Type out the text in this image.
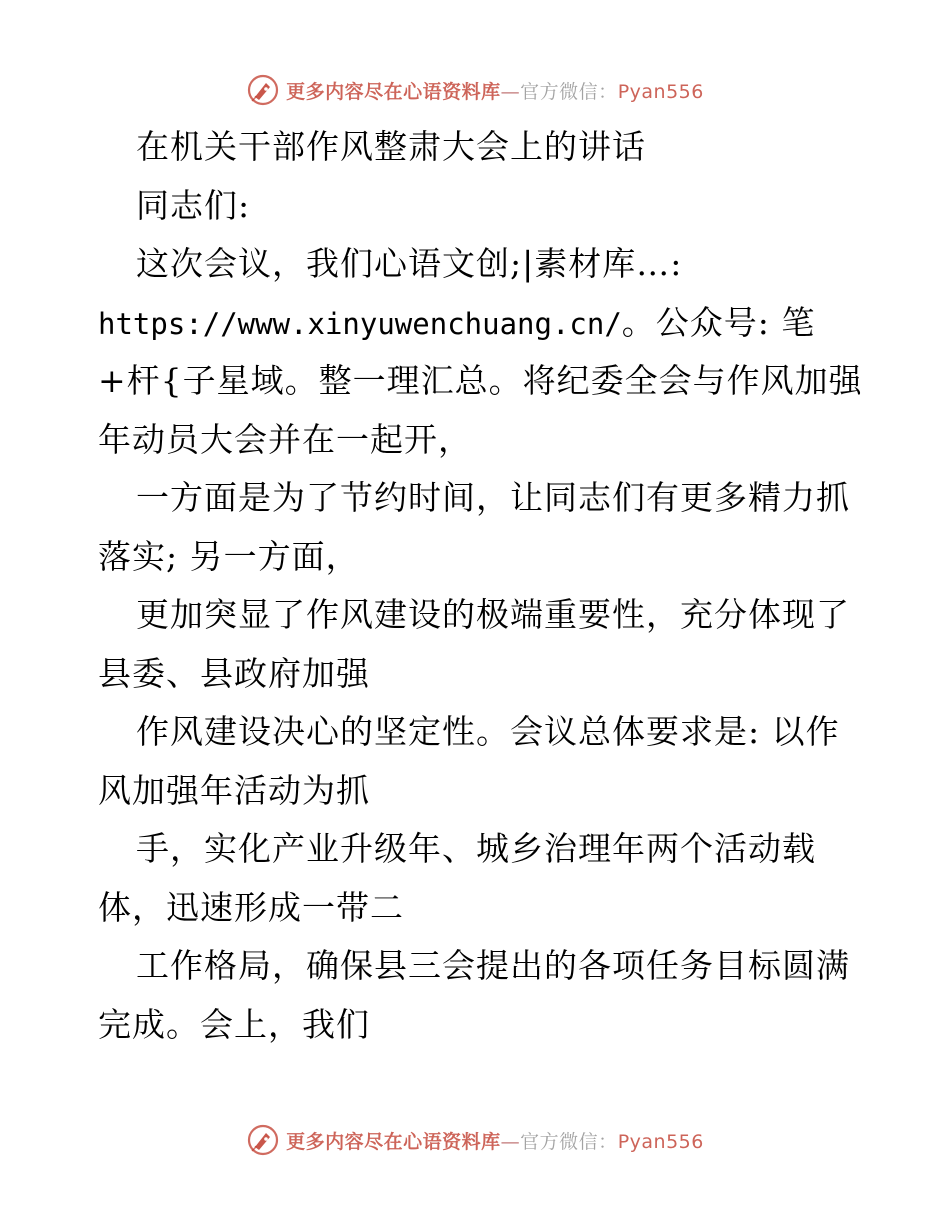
更多内容尽在心语资料库—官方微信：Pyan556
在机关干部作风整肃大会上的讲话
同志们:
这次会议，我们心语文创;|素材库…:
https://www.xinyuwenchuang.cn/。公众号: 笔
+杆{子星域。整一理汇总。将纪委全会与作风加强
年动员大会并在一起开，
一方面是为了节约时间，让同志们有更多精力抓
落实; 另一方面，
更加突显了作风建设的极端重要性，充分体现了
县委、县政府加强
作风建设决心的坚定性。会议总体要求是: 以作
风加强年活动为抓
手，实化产业升级年、城乡治理年两个活动载
体，迅速形成一带二
工作格局，确保县三会提出的各项任务目标圆满
完成。会上，我们
更多内容尽在心语资料库—官方微信：Pyan556
